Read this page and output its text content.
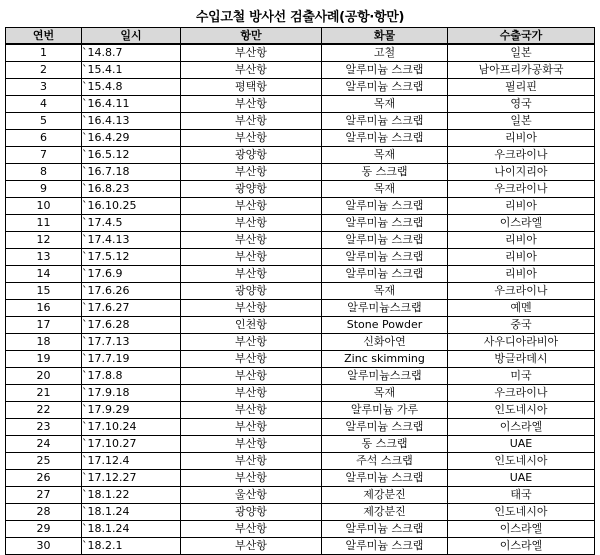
수입고철 방사선 검출사례(공항·항만)
연번	일시	항만	화물	수출국가
1	`14.8.7	부산항	고철	일본
2	`15.4.1	부산항	알루미늄 스크랩	남아프리카공화국
3	`15.4.8	평택항	알루미늄 스크랩	필리핀
4	`16.4.11	부산항	목재	영국
5	`16.4.13	부산항	알루미늄 스크랩	일본
6	`16.4.29	부산항	알루미늄 스크랩	리비아
7	`16.5.12	광양항	목재	우크라이나
8	`16.7.18	부산항	동 스크랩	나이지리아
9	`16.8.23	광양항	목재	우크라이나
10	`16.10.25	부산항	알루미늄 스크랩	리비아
11	`17.4.5	부산항	알루미늄 스크랩	이스라엘
12	`17.4.13	부산항	알루미늄 스크랩	리비아
13	`17.5.12	부산항	알루미늄 스크랩	리비아
14	`17.6.9	부산항	알루미늄 스크랩	리비아
15	`17.6.26	광양항	목재	우크라이나
16	`17.6.27	부산항	알루미늄스크랩	예멘
17	`17.6.28	인천항	Stone Powder	중국
18	`17.7.13	부산항	신화아연	사우디아라비아
19	`17.7.19	부산항	Zinc skimming	방글라데시
20	`17.8.8	부산항	알루미늄스크랩	미국
21	`17.9.18	부산항	목재	우크라이나
22	`17.9.29	부산항	알루미늄 가루	인도네시아
23	`17.10.24	부산항	알루미늄 스크랩	이스라엘
24	`17.10.27	부산항	동 스크랩	UAE
25	`17.12.4	부산항	주석 스크랩	인도네시아
26	`17.12.27	부산항	알루미늄 스크랩	UAE
27	`18.1.22	울산항	제강분진	태국
28	`18.1.24	광양항	제강분진	인도네시아
29	`18.1.24	부산항	알루미늄 스크랩	이스라엘
30	`18.2.1	부산항	알루미늄 스크랩	이스라엘
